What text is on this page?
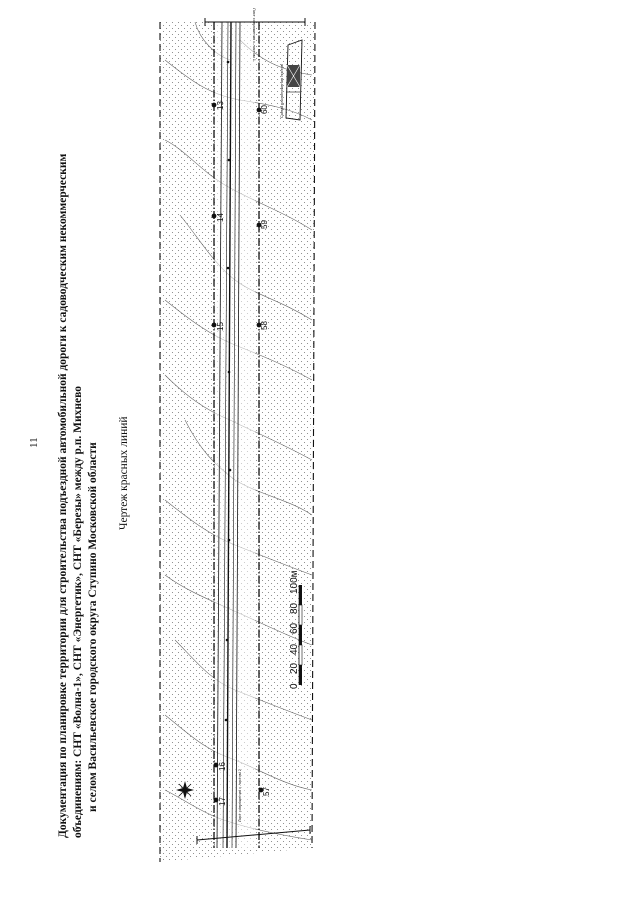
11 Документация по планировке территории для строительства подъездной автомобильной дороги к садоводческим некоммерческим объединениям: СНТ «Волна-1», СНТ «Энергетик», СНТ «Березы» между р.п. Михнево и селом Васильевское городского округа Ступино Московской области Чертеж красных линий
13
14
15
16
17
60
59
58
57
Лист сопряжения с листом 1
Лист сопряжения с листом 2
Схема расположения листов
0
20
40
60
80
100м
